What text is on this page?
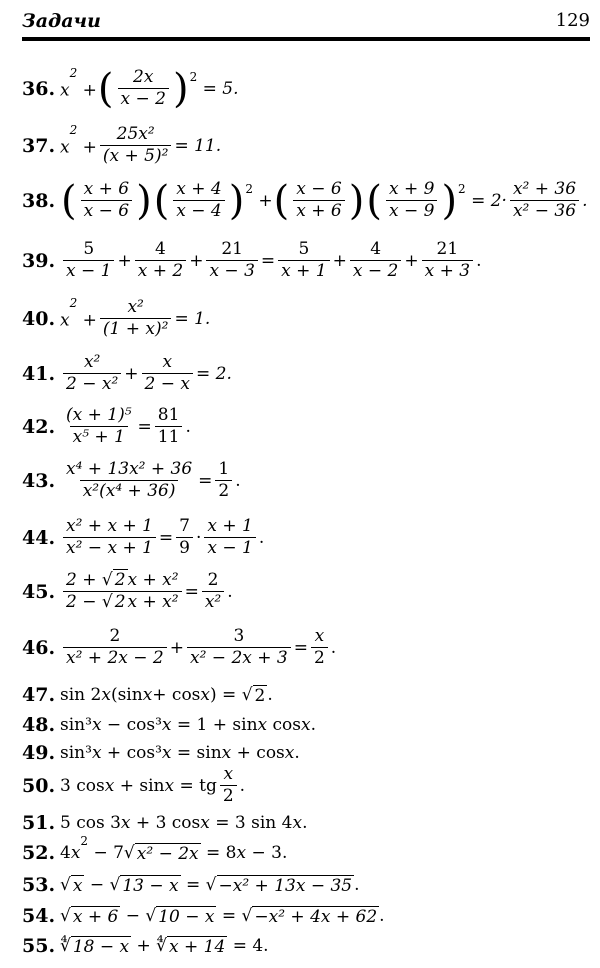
Задачи	129
36. $x^2$ + ( $\frac{2x}{x - 2}$ ) 2
= 5.
37. $x^2 + \frac{\text{25x²}}{\text{(x + 5)²}} = 11$.
38. ( $\frac{x + 6}{x - 6}$ ) ( $\frac{x + 4}{x - 4}$ ) 2
+ ( $\frac{x - 6}{x + 6}$ ) ( $\frac{x + 9}{x - 9}$ ) 2
= $2\cdot \frac{\text{x² + 36}}{\text{x² − 36}}$ .
39. $\frac{5}{x - 1} + \frac{4}{x + 2} + \frac{21}{x - 3} = \frac{5}{x + 1} + \frac{4}{x - 2} + \frac{21}{x + 3}$ .
40. $x^2 + \frac{\text{x²}}{\text{(1 + x)²}} = 1$.
41. $\frac{\text{x²}}{\text{2 − x²}} + \frac{x}{2 - x} = 2$.
42. $\frac{\text{(x + 1)⁵}}{\text{x⁵ + 1}} = \frac{81}{11}$ .
43. $\frac{\text{x⁴ + 13x² + 36}}{\text{x²(x⁴ + 36)}} = \frac{1}{2}$ .
44. $\frac{\text{x² + x + 1}}{\text{x² − x + 1}} = \frac{7}{9} \cdot \frac{x + 1}{x - 1}$ .
45. $\frac{\text{2 + √ 2 x + x²}}{\text{2 − √ 2 x + x²}} = \frac{2}{\text{x²}}$ .
46. $\frac{2}{\text{x² + 2x − 2}} + \frac{3}{\text{x² − 2x + 3}} = \frac{x}{2}$ .
47. sin 2 x (sin x + cos x ) = √ 2 .
48. sin³ x − cos³ x = 1 + sin x cos x .
49. sin³ x + cos³ x = sin x + cos x .
50. 3 cos x + sin x = tg $\frac{x}{2}$ .
51. 5 cos 3 x + 3 cos x = 3 sin 4 x .
52. 4 x
2
− 7√ x² − 2x = 8 x − 3.
53. √ x − √ 13 − x = √ −x² + 13x − 35 .
54. √ x + 6 − √ 10 − x = √ −x² + 4x + 62 .
55. ∜ 18 − x + ∜ x + 14 = 4.
